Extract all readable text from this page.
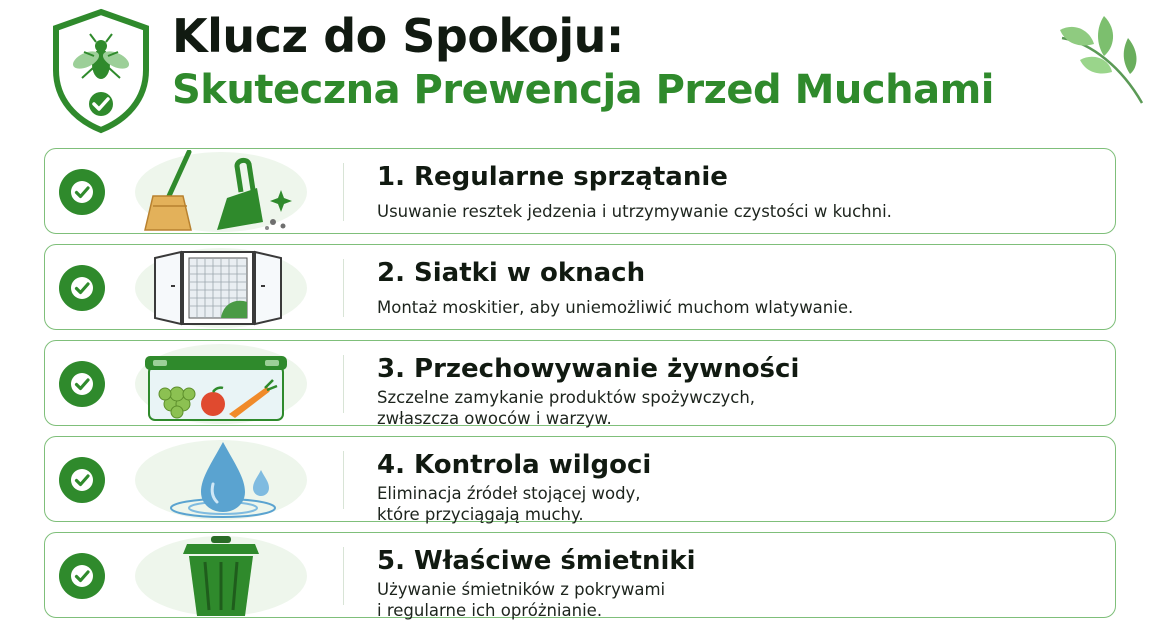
Klucz do Spokoju:
Skuteczna Prewencja Przed Muchami
1. Regularne sprzątanie
Usuwanie resztek jedzenia i utrzymywanie czystości w kuchni.
2. Siatki w oknach
Montaż moskitier, aby uniemożliwić muchom wlatywanie.
3. Przechowywanie żywności
Szczelne zamykanie produktów spożywczych,
zwłaszcza owoców i warzyw.
4. Kontrola wilgoci
Eliminacja źródeł stojącej wody,
które przyciągają muchy.
5. Właściwe śmietniki
Używanie śmietników z pokrywami
i regularne ich opróżnianie.
